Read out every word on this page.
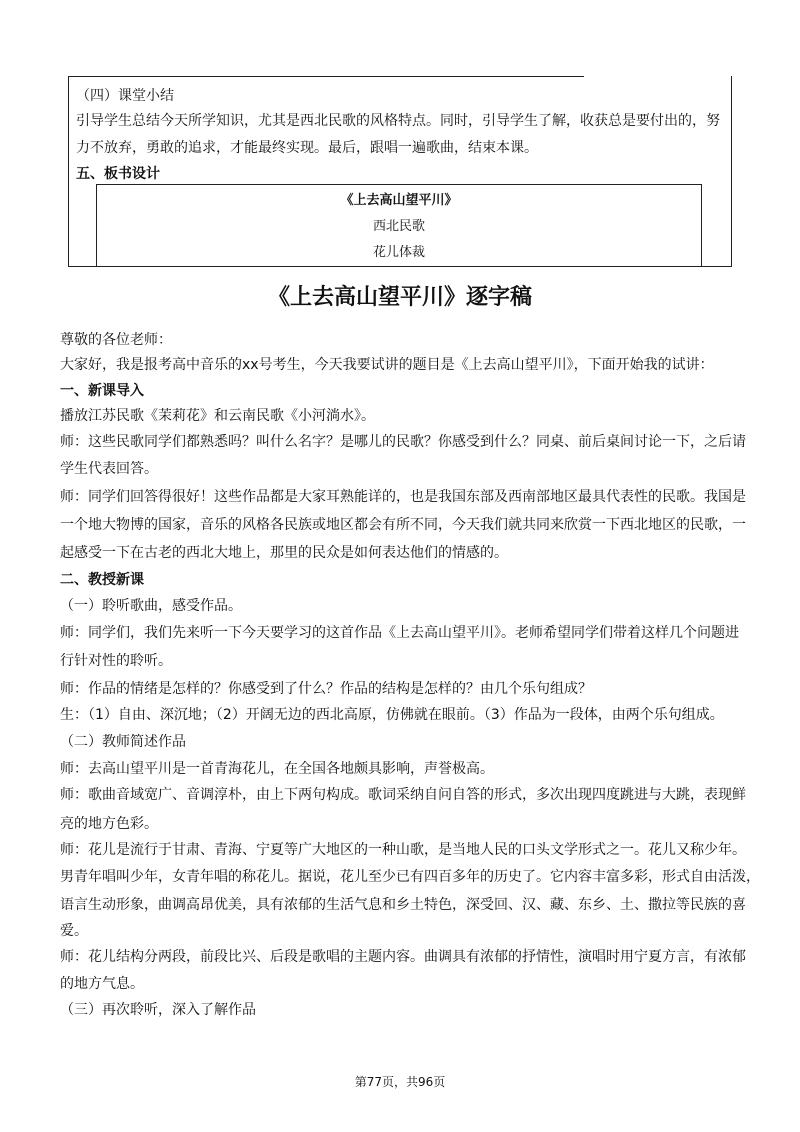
（四）课堂小结
引导学生总结今天所学知识，尤其是西北民歌的风格特点。同时，引导学生了解，收获总是要付出的，努
力不放弃，勇敢的追求，才能最终实现。最后，跟唱一遍歌曲，结束本课。
五、板书设计
《上去高山望平川》
西北民歌
花儿体裁
《上去高山望平川》逐字稿
尊敬的各位老师：
大家好，我是报考高中音乐的xx号考生，今天我要试讲的题目是《上去高山望平川》，下面开始我的试讲：
一、新课导入
播放江苏民歌《茉莉花》和云南民歌《小河淌水》。
师：这些民歌同学们都熟悉吗？叫什么名字？是哪儿的民歌？你感受到什么？同桌、前后桌间讨论一下，之后请
学生代表回答。
师：同学们回答得很好！这些作品都是大家耳熟能详的，也是我国东部及西南部地区最具代表性的民歌。我国是
一个地大物博的国家，音乐的风格各民族或地区都会有所不同，今天我们就共同来欣赏一下西北地区的民歌，一
起感受一下在古老的西北大地上，那里的民众是如何表达他们的情感的。
二、教授新课
（一）聆听歌曲，感受作品。
师：同学们，我们先来听一下今天要学习的这首作品《上去高山望平川》。老师希望同学们带着这样几个问题进
行针对性的聆听。
师：作品的情绪是怎样的？你感受到了什么？作品的结构是怎样的？由几个乐句组成？
生：（1）自由、深沉地；（2）开阔无边的西北高原，仿佛就在眼前。（3）作品为一段体，由两个乐句组成。
（二）教师简述作品
师：去高山望平川是一首青海花儿，在全国各地颇具影响，声誉极高。
师：歌曲音域宽广、音调淳朴，由上下两句构成。歌词采纳自问自答的形式，多次出现四度跳进与大跳，表现鲜
亮的地方色彩。
师：花儿是流行于甘肃、青海、宁夏等广大地区的一种山歌，是当地人民的口头文学形式之一。花儿又称少年。
男青年唱叫少年，女青年唱的称花儿。据说，花儿至少已有四百多年的历史了。它内容丰富多彩，形式自由活泼，
语言生动形象，曲调高昂优美，具有浓郁的生活气息和乡土特色，深受回、汉、藏、东乡、土、撒拉等民族的喜
爱。
师：花儿结构分两段，前段比兴、后段是歌唱的主题内容。曲调具有浓郁的抒情性，演唱时用宁夏方言，有浓郁
的地方气息。
（三）再次聆听，深入了解作品
第77页，共96页
